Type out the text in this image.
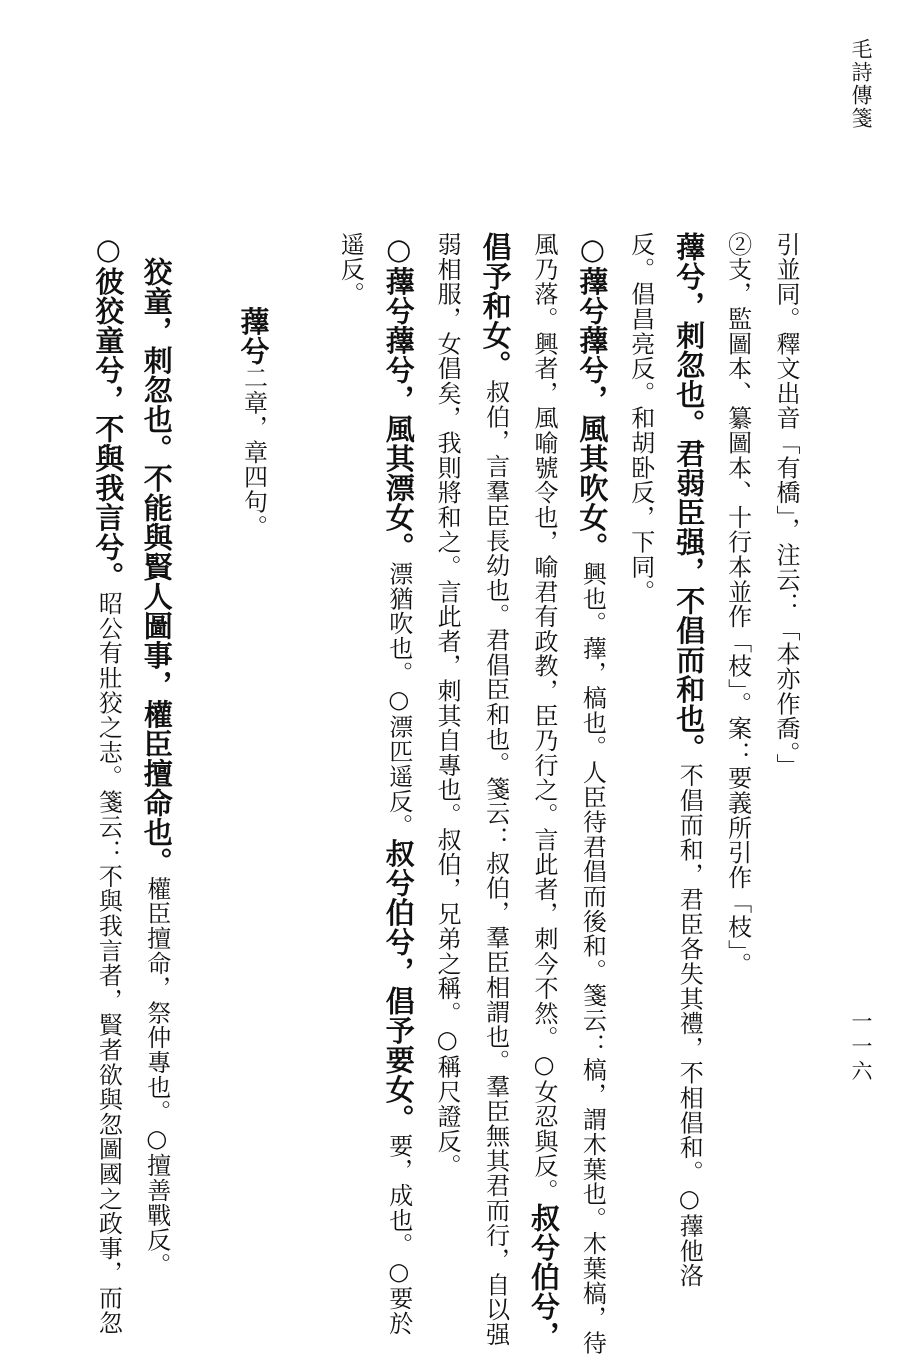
毛詩傳箋
一一六
引並同。釋文出音「有橋」，注云：「本亦作喬。」
②支，監圖本、纂圖本、十行本並作「枝」。案：要義所引作「枝」。
蘀兮，刺忽也。君弱臣强，不倡而和也。不倡而和，君臣各失其禮，不相倡和。○蘀他洛
反。倡昌亮反。和胡卧反，下同。
○蘀兮蘀兮，風其吹女。興也。蘀，槁也。人臣待君倡而後和。箋云：槁，謂木葉也。木葉槁，待
風乃落。興者，風喻號令也，喻君有政教，臣乃行之。言此者，刺今不然。○女忍與反。叔兮伯兮，
倡予和女。叔伯，言羣臣長幼也。君倡臣和也。箋云：叔伯，羣臣相謂也。羣臣無其君而行，自以强
弱相服，女倡矣，我則將和之。言此者，刺其自專也。叔伯，兄弟之稱。○稱尺證反。
○蘀兮蘀兮，風其漂女。漂猶吹也。○漂匹遥反。叔兮伯兮，倡予要女。要，成也。○要於
遥反。

　　　蘀兮二章，章四句。

　狡童，刺忽也。不能與賢人圖事，權臣擅命也。權臣擅命，祭仲專也。○擅善戰反。
○彼狡童兮，不與我言兮。昭公有壯狡之志。箋云：不與我言者，賢者欲與忽圖國之政事，而忽
